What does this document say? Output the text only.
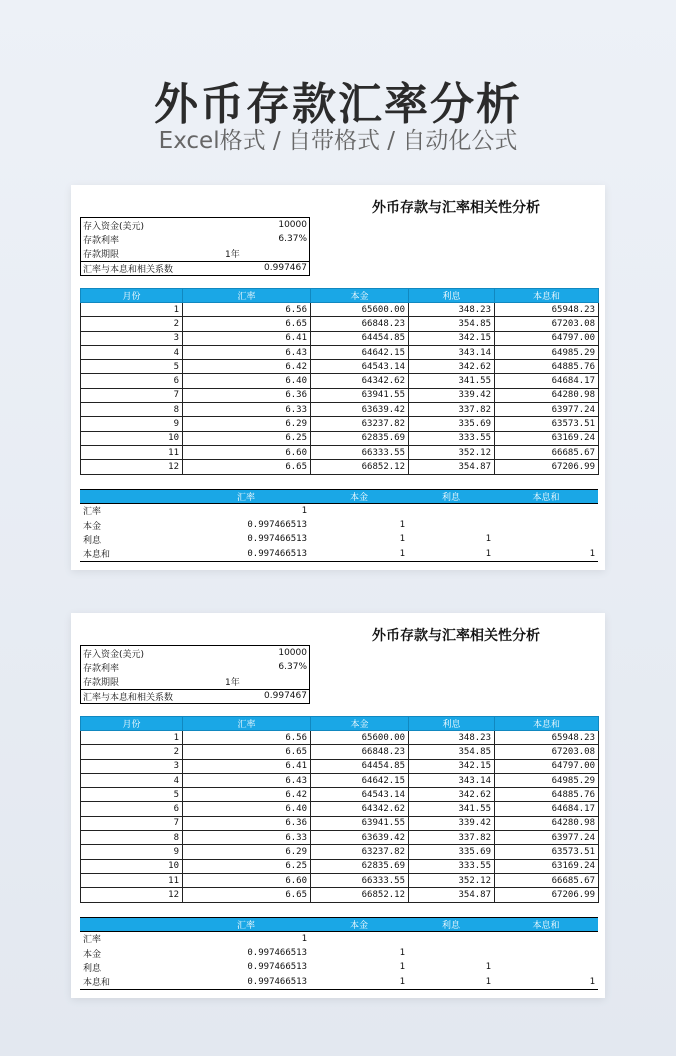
外币存款汇率分析
Excel格式 / 自带格式 / 自动化公式
外币存款与汇率相关性分析
存入资金(美元)	10000
存款利率	6.37%
存款期限	1年
汇率与本息和相关系数	0.997467
月份	汇率	本金	利息	本息和
1	6.56	65600.00	348.23	65948.23
2	6.65	66848.23	354.85	67203.08
3	6.41	64454.85	342.15	64797.00
4	6.43	64642.15	343.14	64985.29
5	6.42	64543.14	342.62	64885.76
6	6.40	64342.62	341.55	64684.17
7	6.36	63941.55	339.42	64280.98
8	6.33	63639.42	337.82	63977.24
9	6.29	63237.82	335.69	63573.51
10	6.25	62835.69	333.55	63169.24
11	6.60	66333.55	352.12	66685.67
12	6.65	66852.12	354.87	67206.99
	汇率	本金	利息	本息和
汇率	1			
本金	0.997466513	1		
利息	0.997466513	1	1	
本息和	0.997466513	1	1	1
外币存款与汇率相关性分析
存入资金(美元)	10000
存款利率	6.37%
存款期限	1年
汇率与本息和相关系数	0.997467
月份	汇率	本金	利息	本息和
1	6.56	65600.00	348.23	65948.23
2	6.65	66848.23	354.85	67203.08
3	6.41	64454.85	342.15	64797.00
4	6.43	64642.15	343.14	64985.29
5	6.42	64543.14	342.62	64885.76
6	6.40	64342.62	341.55	64684.17
7	6.36	63941.55	339.42	64280.98
8	6.33	63639.42	337.82	63977.24
9	6.29	63237.82	335.69	63573.51
10	6.25	62835.69	333.55	63169.24
11	6.60	66333.55	352.12	66685.67
12	6.65	66852.12	354.87	67206.99
	汇率	本金	利息	本息和
汇率	1			
本金	0.997466513	1		
利息	0.997466513	1	1	
本息和	0.997466513	1	1	1
